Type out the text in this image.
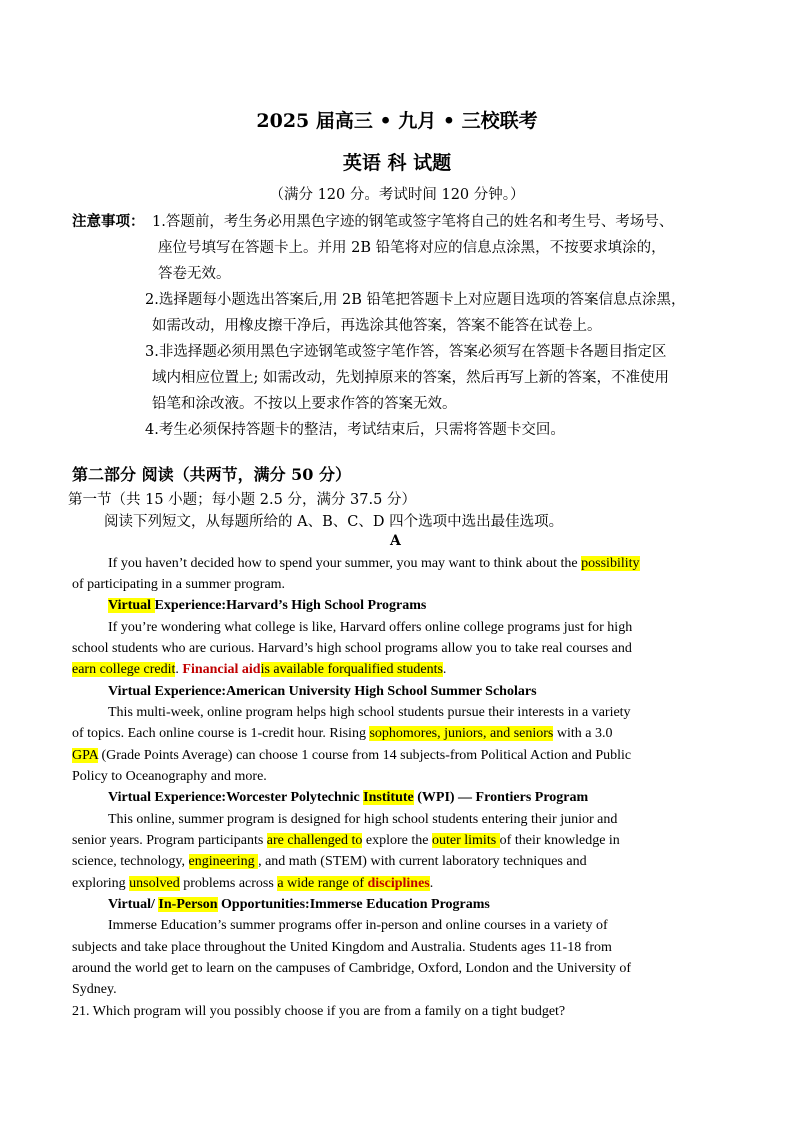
2025 届高三 • 九月 • 三校联考
英语 科 试题
（满分 120 分。考试时间 120 分钟。）
注意事项： 1.答题前，考生务必用黑色字迹的钢笔或签字笔将自己的姓名和考生号、考场号、
座位号填写在答题卡上。并用 2B 铅笔将对应的信息点涂黑，不按要求填涂的，
答卷无效。
2.选择题每小题选出答案后,用 2B 铅笔把答题卡上对应题目选项的答案信息点涂黑，
如需改动，用橡皮擦干净后，再选涂其他答案，答案不能答在试卷上。
3.非选择题必须用黑色字迹钢笔或签字笔作答，答案必须写在答题卡各题目指定区
域内相应位置上; 如需改动，先划掉原来的答案，然后再写上新的答案，不准使用
铅笔和涂改液。不按以上要求作答的答案无效。
4.考生必须保持答题卡的整洁，考试结束后，只需将答题卡交回。
第二部分 阅读（共两节，满分 50 分）
第一节（共 15 小题；每小题 2.5 分，满分 37.5 分）
阅读下列短文，从每题所给的 A、B、C、D 四个选项中选出最佳选项。
A
If you haven’t decided how to spend your summer, you may want to think about the possibility
of participating in a summer program.
Virtual Experience:Harvard’s High School Programs
If you’re wondering what college is like, Harvard offers online college programs just for high
school students who are curious. Harvard’s high school programs allow you to take real courses and
earn college credit. Financial aidis available forqualified students.
Virtual Experience:American University High School Summer Scholars
This multi-week, online program helps high school students pursue their interests in a variety
of topics. Each online course is 1-credit hour. Rising sophomores, juniors, and seniors with a 3.0
GPA (Grade Points Average) can choose 1 course from 14 subjects-from Political Action and Public
Policy to Oceanography and more.
Virtual Experience:Worcester Polytechnic Institute (WPI) — Frontiers Program
This online, summer program is designed for high school students entering their junior and
senior years. Program participants are challenged to explore the outer limits of their knowledge in
science, technology, engineering , and math (STEM) with current laboratory techniques and
exploring unsolved problems across a wide range of disciplines.
Virtual/ In-Person Opportunities:Immerse Education Programs
Immerse Education’s summer programs offer in-person and online courses in a variety of
subjects and take place throughout the United Kingdom and Australia. Students ages 11-18 from
around the world get to learn on the campuses of Cambridge, Oxford, London and the University of
Sydney.
21. Which program will you possibly choose if you are from a family on a tight budget?
